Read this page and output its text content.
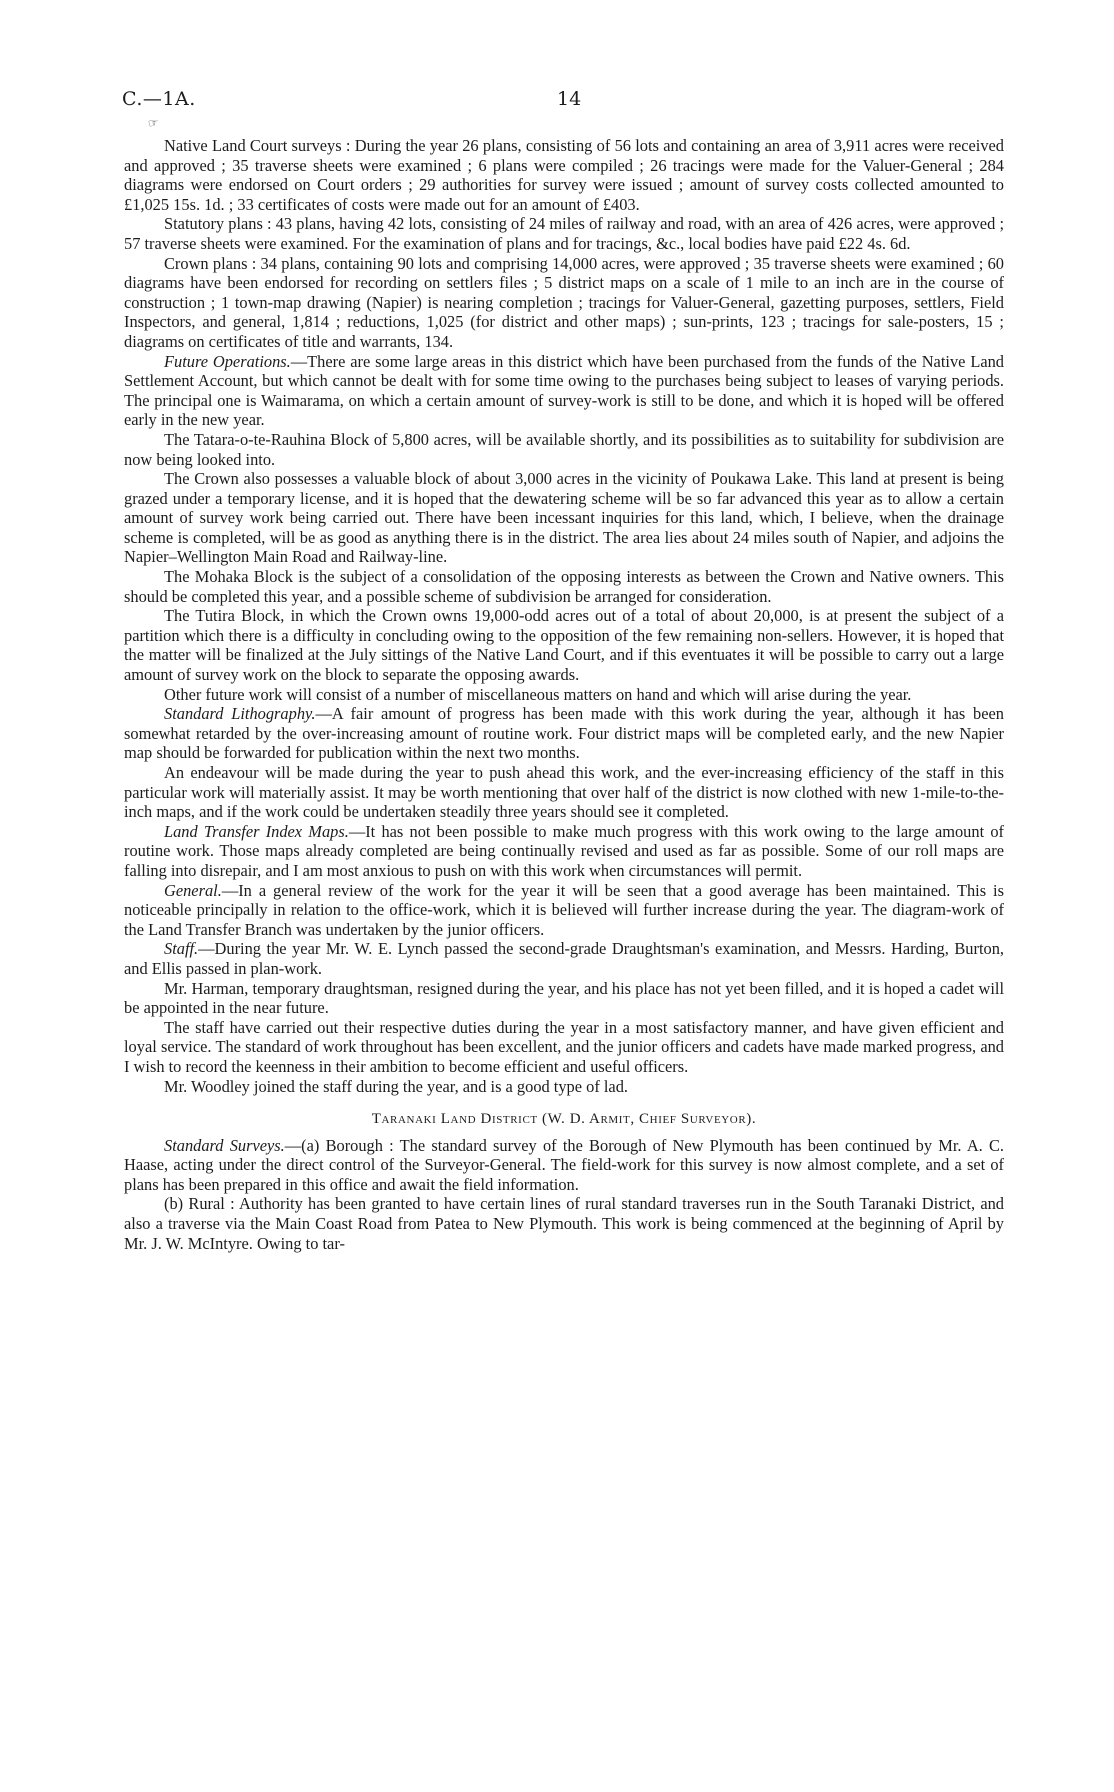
C.—1A.	14
☞

Native Land Court surveys : During the year 26 plans, consisting of 56 lots and containing an area of 3,911 acres were received and approved ; 35 traverse sheets were examined ; 6 plans were compiled ; 26 tracings were made for the Valuer-General ; 284 diagrams were endorsed on Court orders ; 29 authorities for survey were issued ; amount of survey costs collected amounted to £1,025 15s. 1d. ; 33 certificates of costs were made out for an amount of £403.

Statutory plans : 43 plans, having 42 lots, consisting of 24 miles of railway and road, with an area of 426 acres, were approved ; 57 traverse sheets were examined. For the examination of plans and for tracings, &c., local bodies have paid £22 4s. 6d.

Crown plans : 34 plans, containing 90 lots and comprising 14,000 acres, were approved ; 35 traverse sheets were examined ; 60 diagrams have been endorsed for recording on settlers files ; 5 district maps on a scale of 1 mile to an inch are in the course of construction ; 1 town-map drawing (Napier) is nearing completion ; tracings for Valuer-General, gazetting purposes, settlers, Field Inspectors, and general, 1,814 ; reductions, 1,025 (for district and other maps) ; sun-prints, 123 ; tracings for sale-posters, 15 ; diagrams on certificates of title and warrants, 134.

Future Operations.—There are some large areas in this district which have been purchased from the funds of the Native Land Settlement Account, but which cannot be dealt with for some time owing to the purchases being subject to leases of varying periods. The principal one is Waimarama, on which a certain amount of survey-work is still to be done, and which it is hoped will be offered early in the new year.

The Tatara-o-te-Rauhina Block of 5,800 acres, will be available shortly, and its possibilities as to suitability for subdivision are now being looked into.

The Crown also possesses a valuable block of about 3,000 acres in the vicinity of Poukawa Lake. This land at present is being grazed under a temporary license, and it is hoped that the dewatering scheme will be so far advanced this year as to allow a certain amount of survey work being carried out. There have been incessant inquiries for this land, which, I believe, when the drainage scheme is completed, will be as good as anything there is in the district. The area lies about 24 miles south of Napier, and adjoins the Napier–Wellington Main Road and Railway-line.

The Mohaka Block is the subject of a consolidation of the opposing interests as between the Crown and Native owners. This should be completed this year, and a possible scheme of subdivision be arranged for consideration.

The Tutira Block, in which the Crown owns 19,000-odd acres out of a total of about 20,000, is at present the subject of a partition which there is a difficulty in concluding owing to the opposition of the few remaining non-sellers. However, it is hoped that the matter will be finalized at the July sittings of the Native Land Court, and if this eventuates it will be possible to carry out a large amount of survey work on the block to separate the opposing awards.

Other future work will consist of a number of miscellaneous matters on hand and which will arise during the year.

Standard Lithography.—A fair amount of progress has been made with this work during the year, although it has been somewhat retarded by the over-increasing amount of routine work. Four district maps will be completed early, and the new Napier map should be forwarded for publication within the next two months.

An endeavour will be made during the year to push ahead this work, and the ever-increasing efficiency of the staff in this particular work will materially assist. It may be worth mentioning that over half of the district is now clothed with new 1-mile-to-the-inch maps, and if the work could be undertaken steadily three years should see it completed.

Land Transfer Index Maps.—It has not been possible to make much progress with this work owing to the large amount of routine work. Those maps already completed are being continually revised and used as far as possible. Some of our roll maps are falling into disrepair, and I am most anxious to push on with this work when circumstances will permit.

General.—In a general review of the work for the year it will be seen that a good average has been maintained. This is noticeable principally in relation to the office-work, which it is believed will further increase during the year. The diagram-work of the Land Transfer Branch was undertaken by the junior officers.

Staff.—During the year Mr. W. E. Lynch passed the second-grade Draughtsman's examination, and Messrs. Harding, Burton, and Ellis passed in plan-work.

Mr. Harman, temporary draughtsman, resigned during the year, and his place has not yet been filled, and it is hoped a cadet will be appointed in the near future.

The staff have carried out their respective duties during the year in a most satisfactory manner, and have given efficient and loyal service. The standard of work throughout has been excellent, and the junior officers and cadets have made marked progress, and I wish to record the keenness in their ambition to become efficient and useful officers.

Mr. Woodley joined the staff during the year, and is a good type of lad.

Taranaki Land District (W. D. Armit, Chief Surveyor).

Standard Surveys.—(a) Borough : The standard survey of the Borough of New Plymouth has been continued by Mr. A. C. Haase, acting under the direct control of the Surveyor-General. The field-work for this survey is now almost complete, and a set of plans has been prepared in this office and await the field information.

(b) Rural : Authority has been granted to have certain lines of rural standard traverses run in the South Taranaki District, and also a traverse via the Main Coast Road from Patea to New Plymouth. This work is being commenced at the beginning of April by Mr. J. W. McIntyre. Owing to tar-
